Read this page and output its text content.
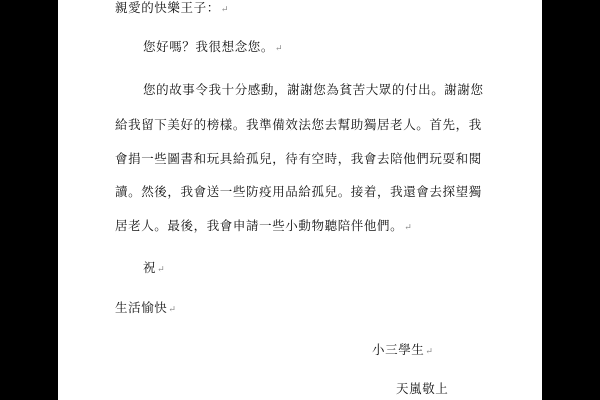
親愛的快樂王子：↵
您好嗎？我很想念您。↵
您的故事令我十分感動，謝謝您為貧苦大眾的付出。謝謝您
給我留下美好的榜樣。我準備效法您去幫助獨居老人。首先，我
會捐一些圖書和玩具給孤兒，待有空時，我會去陪他們玩耍和閱
讀。然後，我會送一些防疫用品給孤兒。接着，我還會去探望獨
居老人。最後，我會申請一些小動物聽陪伴他們。↵
祝↵
生活愉快↵
小三學生↵
天嵐敬上
